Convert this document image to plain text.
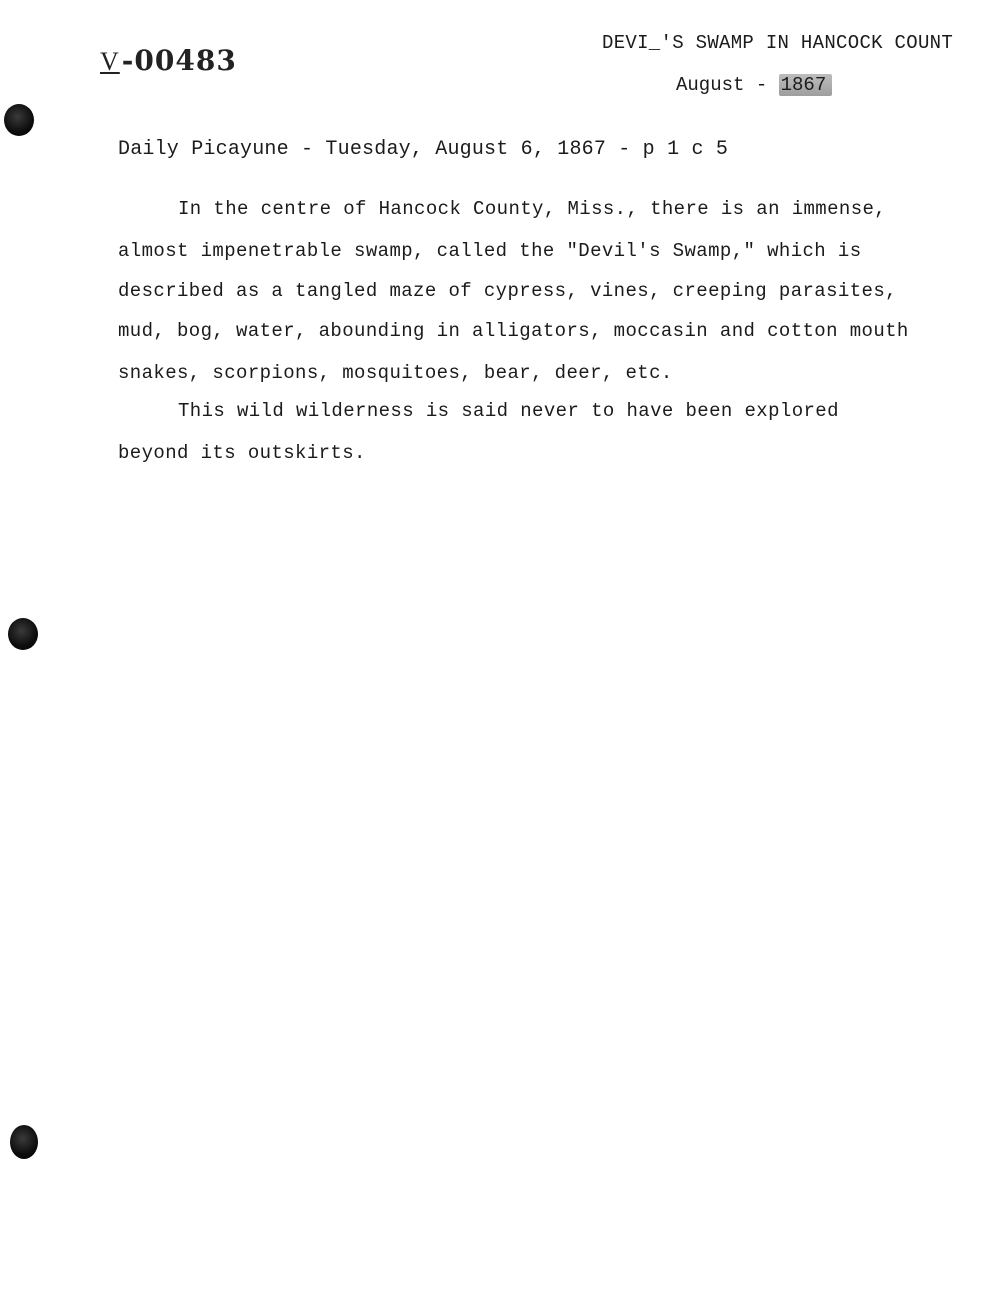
V-00483
DEVI_'S SWAMP IN HANCOCK COUNT
August - 1867
Daily Picayune - Tuesday, August 6, 1867 - p 1 c 5
In the centre of Hancock County, Miss., there is an immense,
almost impenetrable swamp, called the "Devil's Swamp," which is
described as a tangled maze of cypress, vines, creeping parasites,
mud, bog, water, abounding in alligators, moccasin and cotton mouth
snakes, scorpions, mosquitoes, bear, deer, etc.
This wild wilderness is said never to have been explored
beyond its outskirts.
